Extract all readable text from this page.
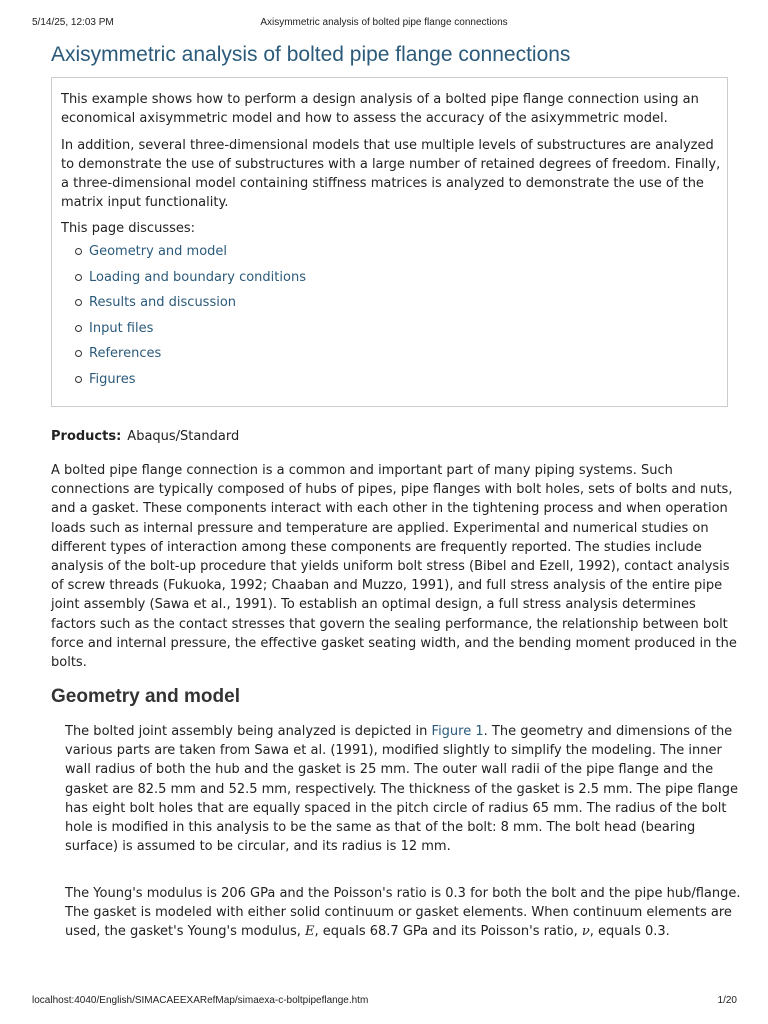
5/14/25, 12:03 PM	Axisymmetric analysis of bolted pipe flange connections
Axisymmetric analysis of bolted pipe flange connections

This example shows how to perform a design analysis of a bolted pipe flange connection using an economical axisymmetric model and how to assess the accuracy of the asixymmetric model.

In addition, several three-dimensional models that use multiple levels of substructures are analyzed to demonstrate the use of substructures with a large number of retained degrees of freedom. Finally, a three-dimensional model containing stiffness matrices is analyzed to demonstrate the use of the matrix input functionality.

This page discusses:

Geometry and model
Loading and boundary conditions
Results and discussion
Input files
References
Figures

Products: Abaqus/Standard

A bolted pipe flange connection is a common and important part of many piping systems. Such connections are typically composed of hubs of pipes, pipe flanges with bolt holes, sets of bolts and nuts, and a gasket. These components interact with each other in the tightening process and when operation loads such as internal pressure and temperature are applied. Experimental and numerical studies on different types of interaction among these components are frequently reported. The studies include analysis of the bolt-up procedure that yields uniform bolt stress (Bibel and Ezell, 1992), contact analysis of screw threads (Fukuoka, 1992; Chaaban and Muzzo, 1991), and full stress analysis of the entire pipe joint assembly (Sawa et al., 1991). To establish an optimal design, a full stress analysis determines factors such as the contact stresses that govern the sealing performance, the relationship between bolt force and internal pressure, the effective gasket seating width, and the bending moment produced in the bolts.

Geometry and model

The bolted joint assembly being analyzed is depicted in Figure 1. The geometry and dimensions of the various parts are taken from Sawa et al. (1991), modified slightly to simplify the modeling. The inner wall radius of both the hub and the gasket is 25 mm. The outer wall radii of the pipe flange and the gasket are 82.5 mm and 52.5 mm, respectively. The thickness of the gasket is 2.5 mm. The pipe flange has eight bolt holes that are equally spaced in the pitch circle of radius 65 mm. The radius of the bolt hole is modified in this analysis to be the same as that of the bolt: 8 mm. The bolt head (bearing surface) is assumed to be circular, and its radius is 12 mm.

The Young's modulus is 206 GPa and the Poisson's ratio is 0.3 for both the bolt and the pipe hub/flange. The gasket is modeled with either solid continuum or gasket elements. When continuum elements are used, the gasket's Young's modulus, E, equals 68.7 GPa and its Poisson's ratio, ν, equals 0.3.

localhost:4040/English/SIMACAEEXARefMap/simaexa-c-boltpipeflange.htm	1/20
